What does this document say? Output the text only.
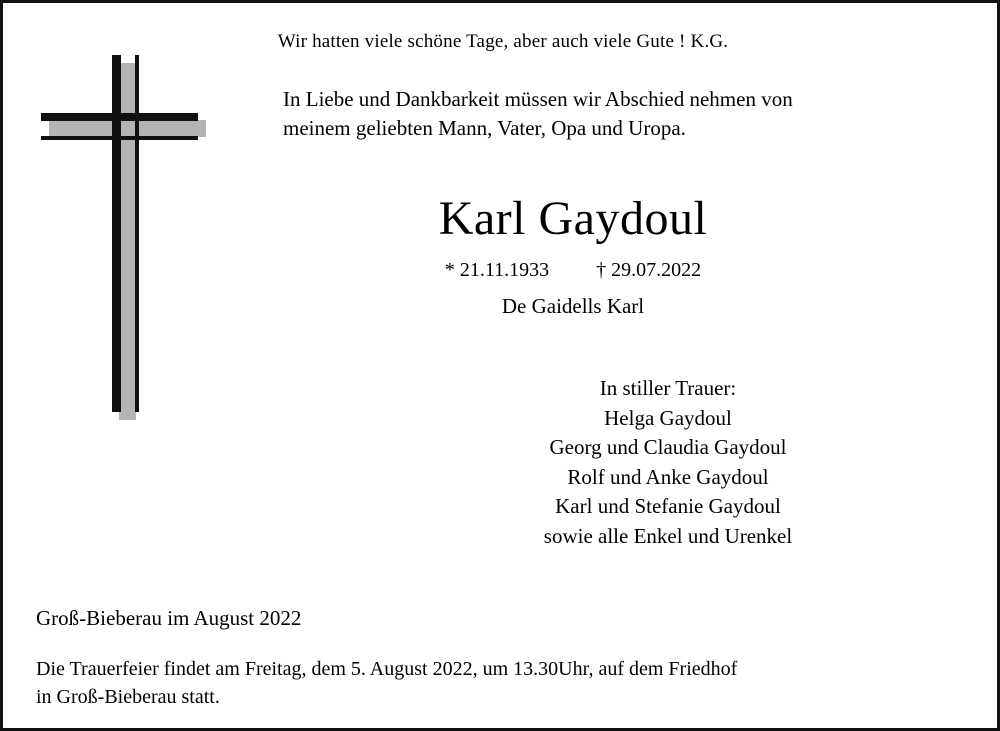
Wir hatten viele schöne Tage, aber auch viele Gute ! K.G.
In Liebe und Dankbarkeit müssen wir Abschied nehmen von
meinem geliebten Mann, Vater, Opa und Uropa.
Karl Gaydoul
* 21.11.1933 † 29.07.2022
De Gaidells Karl
In stiller Trauer:
Helga Gaydoul
Georg und Claudia Gaydoul
Rolf und Anke Gaydoul
Karl und Stefanie Gaydoul
sowie alle Enkel und Urenkel
Groß-Bieberau im August 2022
Die Trauerfeier findet am Freitag, dem 5. August 2022, um 13.30Uhr, auf dem Friedhof
in Groß-Bieberau statt.
